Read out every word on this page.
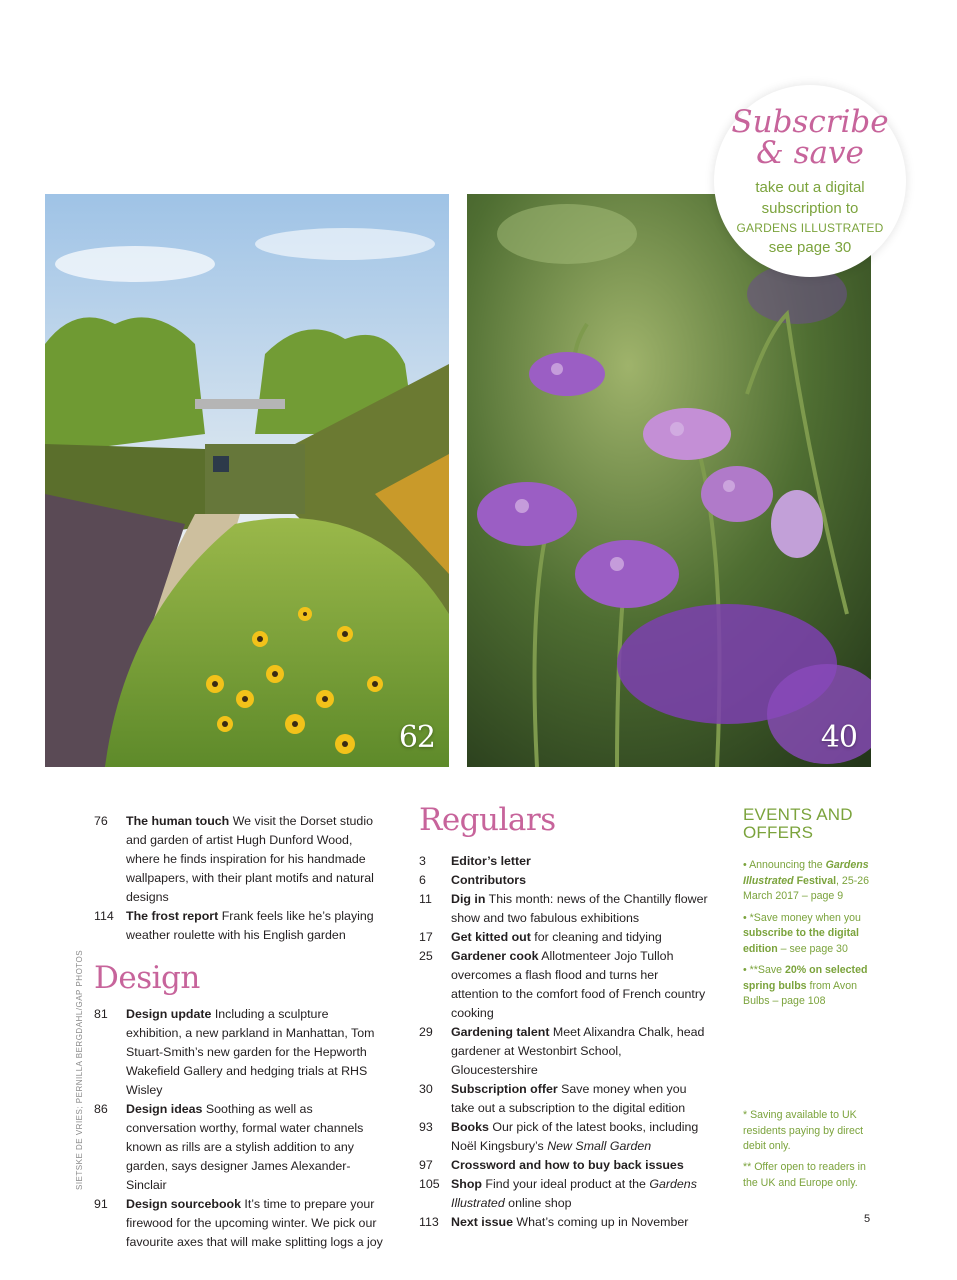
62	40
Subscribe
& save
take out a digital
subscription to
GARDENS ILLUSTRATED
see page 30
SIETSKE DE VRIES; PERNILLA BERGDAHL/GAP PHOTOS
76	The human touch We visit the Dorset studio and garden of artist Hugh Dunford Wood, where he finds inspiration for his handmade wallpapers, with their plant motifs and natural designs
114 The frost report Frank feels like he’s playing weather roulette with his English garden
Design
81	Design update Including a sculpture exhibition, a new parkland in Manhattan, Tom Stuart-Smith’s new garden for the Hepworth Wakefield Gallery and hedging trials at RHS Wisley
86	Design ideas Soothing as well as conversation worthy, formal water channels known as rills are a stylish addition to any garden, says designer James Alexander-Sinclair
91	Design sourcebook It’s time to prepare your firewood for the upcoming winter. We pick our favourite axes that will make splitting logs a joy
Regulars
3	Editor’s letter
6	Contributors
11	Dig in This month: news of the Chantilly flower show and two fabulous exhibitions
17	Get kitted out for cleaning and tidying
25	Gardener cook Allotmenteer Jojo Tulloh overcomes a flash flood and turns her attention to the comfort food of French country cooking
29	Gardening talent Meet Alixandra Chalk, head gardener at Westonbirt School, Gloucestershire
30	Subscription offer Save money when you take out a subscription to the digital edition
93	Books Our pick of the latest books, including Noël Kingsbury’s New Small Garden
97	Crossword and how to buy back issues
105 Shop Find your ideal product at the Gardens Illustrated online shop
113 Next issue What’s coming up in November
EVENTS AND
OFFERS
• Announcing the Gardens Illustrated Festival, 25-26 March 2017 – page 9
• *Save money when you subscribe to the digital edition – see page 30
• **Save 20% on selected spring bulbs from Avon Bulbs – page 108
* Saving available to UK residents paying by direct debit only.
** Offer open to readers in the UK and Europe only.
5
